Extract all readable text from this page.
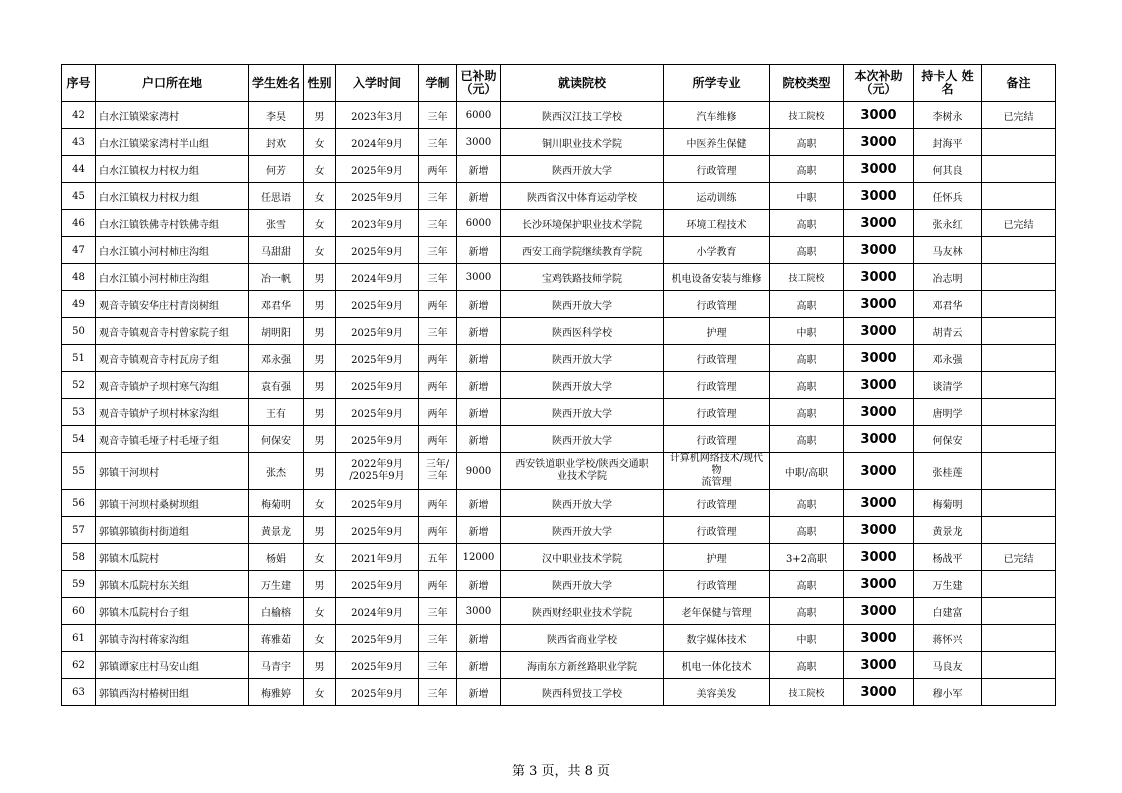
序号	户口所在地	学生姓名	性别	入学时间	学制	已补助
（元）	就读院校	所学专业	院校类型	本次补助
（元）	持卡人 姓名	备注
42	白水江镇梁家湾村	李昊	男	2023年3月	三年	6000	陕西汉江技工学校	汽车维修	技工院校	3000	李树永	已完结
43	白水江镇梁家湾村半山组	封欢	女	2024年9月	三年	3000	铜川职业技术学院	中医养生保健	高职	3000	封海平	
44	白水江镇权力村权力组	何芳	女	2025年9月	两年	新增	陕西开放大学	行政管理	高职	3000	何其良	
45	白水江镇权力村权力组	任思语	女	2025年9月	三年	新增	陕西省汉中体育运动学校	运动训练	中职	3000	任怀兵	
46	白水江镇铁佛寺村铁佛寺组	张雪	女	2023年9月	三年	6000	长沙环境保护职业技术学院	环境工程技术	高职	3000	张永红	已完结
47	白水江镇小河村柿庄沟组	马甜甜	女	2025年9月	三年	新增	西安工商学院继续教育学院	小学教育	高职	3000	马友林	
48	白水江镇小河村柿庄沟组	冶一帆	男	2024年9月	三年	3000	宝鸡铁路技师学院	机电设备安装与维修	技工院校	3000	冶志明	
49	观音寺镇安华庄村青岗树组	邓君华	男	2025年9月	两年	新增	陕西开放大学	行政管理	高职	3000	邓君华	
50	观音寺镇观音寺村曾家院子组	胡明阳	男	2025年9月	三年	新增	陕西医科学校	护理	中职	3000	胡青云	
51	观音寺镇观音寺村瓦房子组	邓永强	男	2025年9月	两年	新增	陕西开放大学	行政管理	高职	3000	邓永强	
52	观音寺镇炉子坝村寒气沟组	袁有强	男	2025年9月	两年	新增	陕西开放大学	行政管理	高职	3000	谈清学	
53	观音寺镇炉子坝村林家沟组	王有	男	2025年9月	两年	新增	陕西开放大学	行政管理	高职	3000	唐明学	
54	观音寺镇毛垭子村毛垭子组	何保安	男	2025年9月	两年	新增	陕西开放大学	行政管理	高职	3000	何保安	
55	郭镇干河坝村	张杰	男	2022年9月
/2025年9月	三年/
三年	9000	西安铁道职业学校/陕西交通职
业技术学院	计算机网络技术/现代物
流管理	中职/高职	3000	张桂莲	
56	郭镇干河坝村桑树坝组	梅菊明	女	2025年9月	两年	新增	陕西开放大学	行政管理	高职	3000	梅菊明	
57	郭镇郭镇街村街道组	黄景龙	男	2025年9月	两年	新增	陕西开放大学	行政管理	高职	3000	黄景龙	
58	郭镇木瓜院村	杨娟	女	2021年9月	五年	12000	汉中职业技术学院	护理	3+2高职	3000	杨战平	已完结
59	郭镇木瓜院村东关组	万生建	男	2025年9月	两年	新增	陕西开放大学	行政管理	高职	3000	万生建	
60	郭镇木瓜院村台子组	白榆榕	女	2024年9月	三年	3000	陕西财经职业技术学院	老年保健与管理	高职	3000	白建富	
61	郭镇寺沟村蒋家沟组	蒋雅茹	女	2025年9月	三年	新增	陕西省商业学校	数字媒体技术	中职	3000	蒋怀兴	
62	郭镇谭家庄村马安山组	马青宇	男	2025年9月	三年	新增	海南东方新丝路职业学院	机电一体化技术	高职	3000	马良友	
63	郭镇西沟村椿树田组	梅雅婷	女	2025年9月	三年	新增	陕西科贸技工学校	美容美发	技工院校	3000	穆小军	
第 3 页，共 8 页
